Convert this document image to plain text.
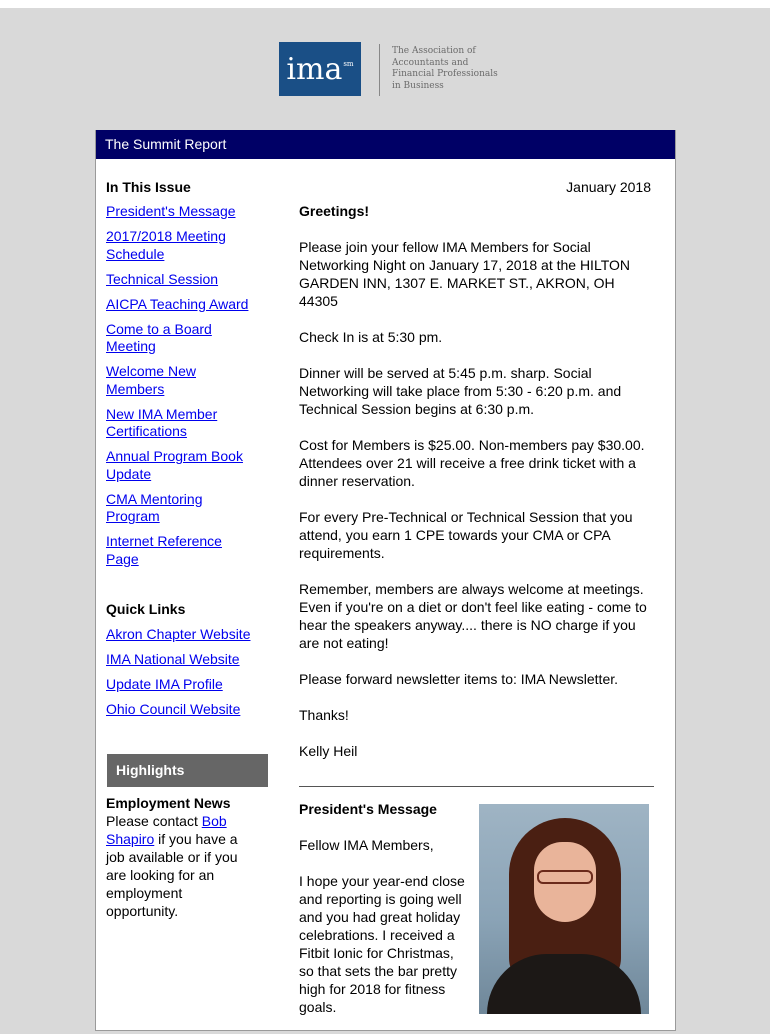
ima sm
The Association of Accountants and Financial Professionals in Business
The Summit Report
In This Issue
President's Message
2017/2018 Meeting Schedule
Technical Session
AICPA Teaching Award
Come to a Board Meeting
Welcome New Members
New IMA Member Certifications
Annual Program Book Update
CMA Mentoring Program
Internet Reference Page
Quick Links
Akron Chapter Website
IMA National Website
Update IMA Profile
Ohio Council Website
Highlights
Employment News
Please contact Bob Shapiro if you have a job available or if you are looking for an employment opportunity.
January 2018
Greetings!

Please join your fellow IMA Members for Social Networking Night on January 17, 2018 at the HILTON GARDEN INN, 1307 E. MARKET ST., AKRON, OH 44305

Check In is at 5:30 pm.

Dinner will be served at 5:45 p.m. sharp. Social Networking will take place from 5:30 - 6:20 p.m. and Technical Session begins at 6:30 p.m.

Cost for Members is $25.00. Non-members pay $30.00.

Attendees over 21 will receive a free drink ticket with a dinner reservation.

For every Pre-Technical or Technical Session that you attend, you earn 1 CPE towards your CMA or CPA requirements.

Remember, members are always welcome at meetings. Even if you're on a diet or don't feel like eating - come to hear the speakers anyway.... there is NO charge if you are not eating!

Please forward newsletter items to: IMA Newsletter.

Thanks!

Kelly Heil

President's Message

Fellow IMA Members,

I hope your year-end close and reporting is going well and you had great holiday celebrations. I received a Fitbit Ionic for Christmas, so that sets the bar pretty high for 2018 for fitness goals.
